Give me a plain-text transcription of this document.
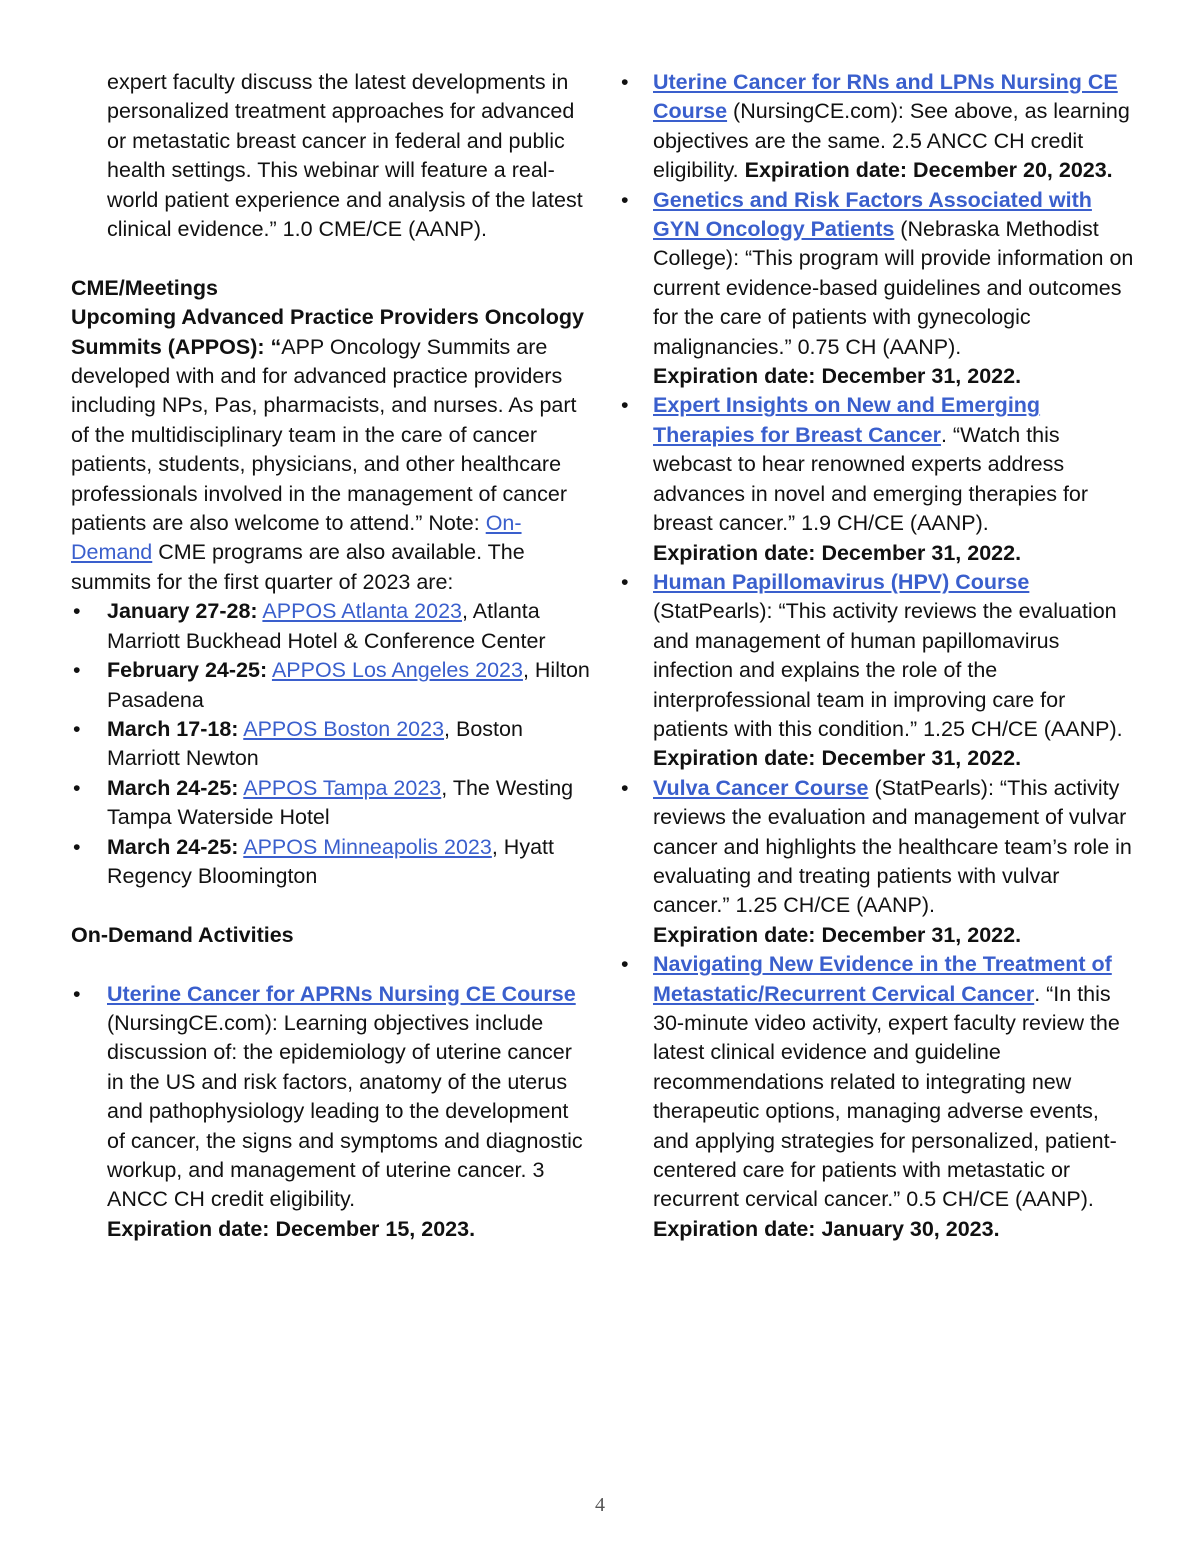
expert faculty discuss the latest developments in personalized treatment approaches for advanced or metastatic breast cancer in federal and public health settings. This webinar will feature a real-world patient experience and analysis of the latest clinical evidence.” 1.0 CME/CE (AANP).

CME/Meetings

Upcoming Advanced Practice Providers Oncology Summits (APPOS): “APP Oncology Summits are developed with and for advanced practice providers including NPs, Pas, pharmacists, and nurses. As part of the multidisciplinary team in the care of cancer patients, students, physicians, and other healthcare professionals involved in the management of cancer patients are also welcome to attend.” Note: On-Demand CME programs are also available. The summits for the first quarter of 2023 are:

• January 27-28: APPOS Atlanta 2023, Atlanta Marriott Buckhead Hotel & Conference Center
• February 24-25: APPOS Los Angeles 2023, Hilton Pasadena
• March 17-18: APPOS Boston 2023, Boston Marriott Newton
• March 24-25: APPOS Tampa 2023, The Westing Tampa Waterside Hotel
• March 24-25: APPOS Minneapolis 2023, Hyatt Regency Bloomington

On-Demand Activities

• Uterine Cancer for APRNs Nursing CE Course (NursingCE.com): Learning objectives include discussion of: the epidemiology of uterine cancer in the US and risk factors, anatomy of the uterus and pathophysiology leading to the development of cancer, the signs and symptoms and diagnostic workup, and management of uterine cancer. 3 ANCC CH credit eligibility.
Expiration date: December 15, 2023.
• Uterine Cancer for RNs and LPNs Nursing CE Course (NursingCE.com): See above, as learning objectives are the same. 2.5 ANCC CH credit eligibility. Expiration date: December 20, 2023.
• Genetics and Risk Factors Associated with GYN Oncology Patients (Nebraska Methodist College): “This program will provide information on current evidence-based guidelines and outcomes for the care of patients with gynecologic malignancies.” 0.75 CH (AANP).
Expiration date: December 31, 2022.
• Expert Insights on New and Emerging Therapies for Breast Cancer. “Watch this webcast to hear renowned experts address advances in novel and emerging therapies for breast cancer.” 1.9 CH/CE (AANP).
Expiration date: December 31, 2022.
• Human Papillomavirus (HPV) Course (StatPearls): “This activity reviews the evaluation and management of human papillomavirus infection and explains the role of the interprofessional team in improving care for patients with this condition.” 1.25 CH/CE (AANP). Expiration date: December 31, 2022.
• Vulva Cancer Course (StatPearls): “This activity reviews the evaluation and management of vulvar cancer and highlights the healthcare team’s role in evaluating and treating patients with vulvar cancer.” 1.25 CH/CE (AANP).
Expiration date: December 31, 2022.
• Navigating New Evidence in the Treatment of Metastatic/Recurrent Cervical Cancer. “In this 30-minute video activity, expert faculty review the latest clinical evidence and guideline recommendations related to integrating new therapeutic options, managing adverse events, and applying strategies for personalized, patient-centered care for patients with metastatic or recurrent cervical cancer.” 0.5 CH/CE (AANP).
Expiration date: January 30, 2023.
4
